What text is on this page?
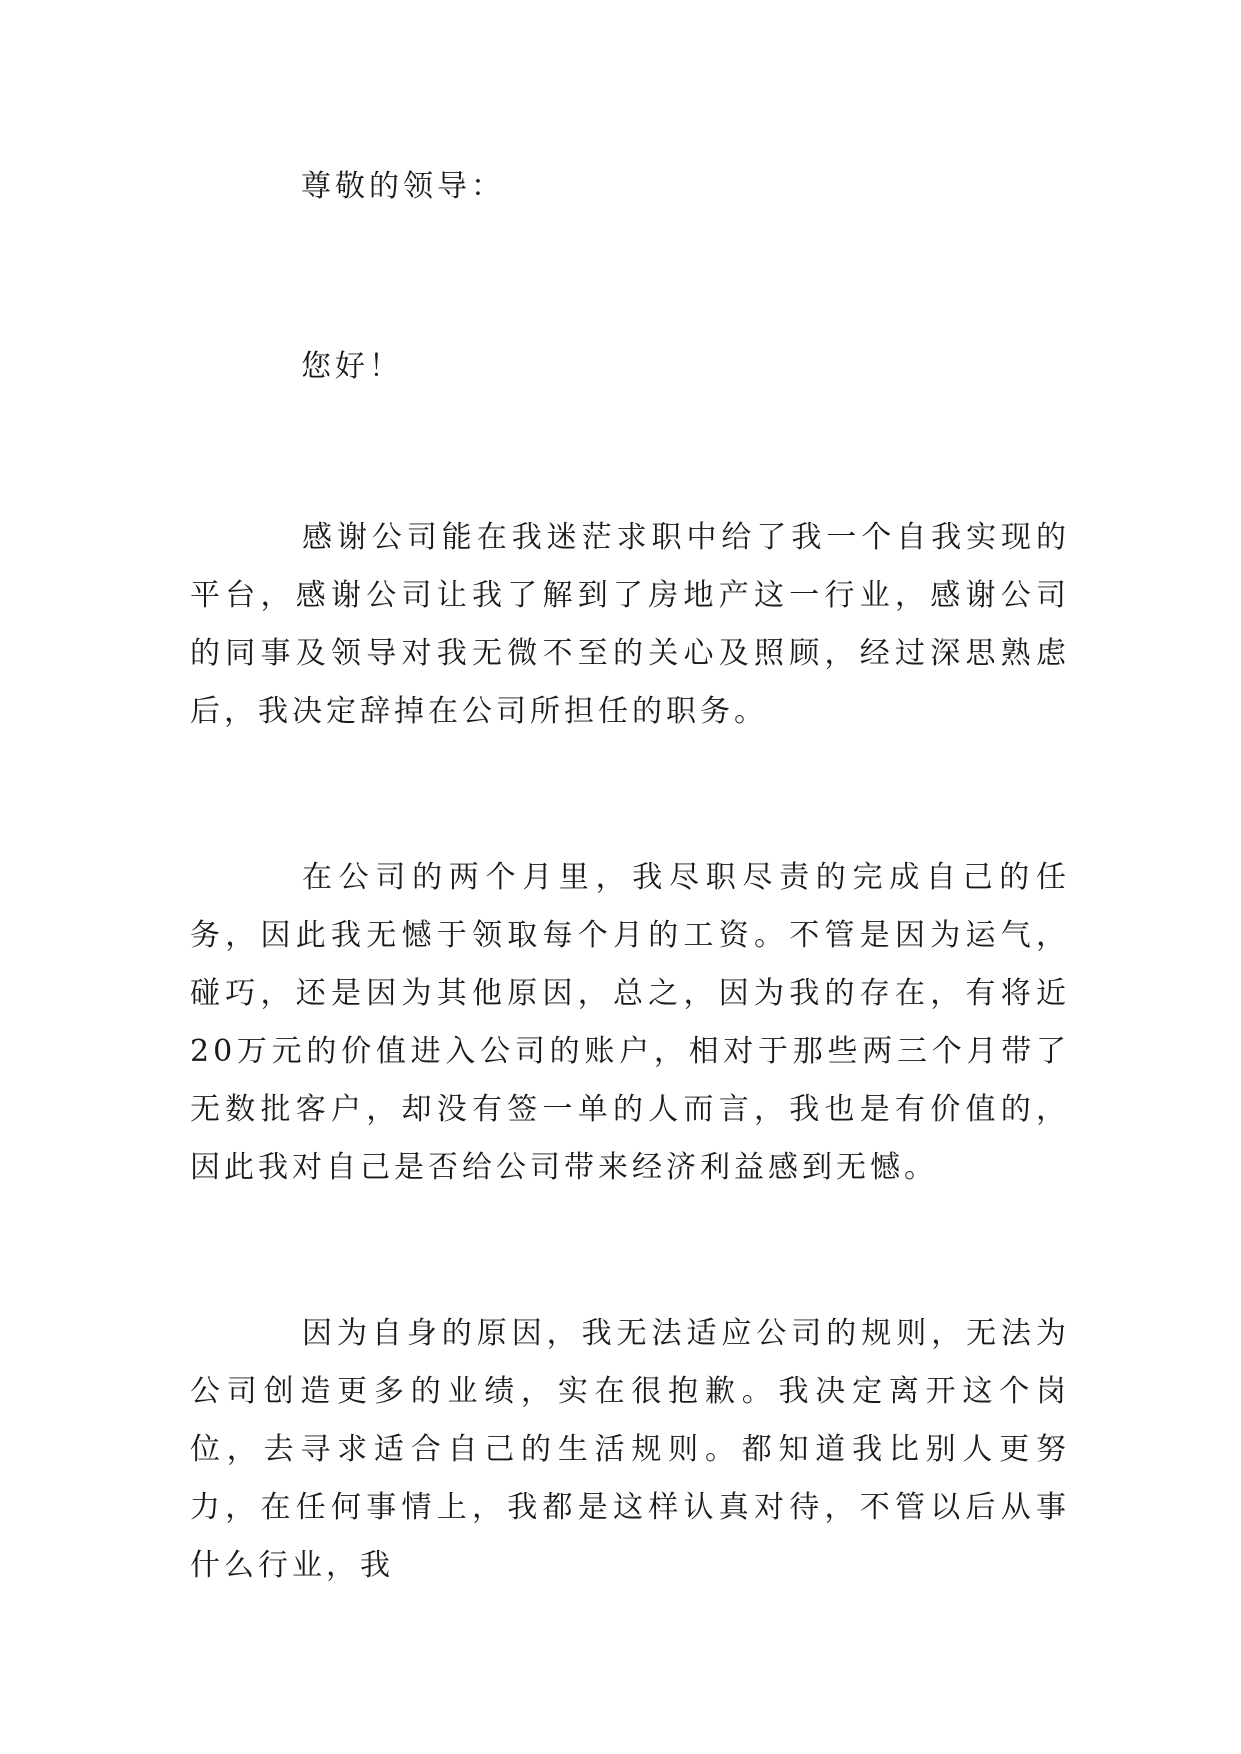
尊敬的领导：

您好！

感谢公司能在我迷茫求职中给了我一个自我实现的平台，感谢公司让我了解到了房地产这一行业，感谢公司的同事及领导对我无微不至的关心及照顾，经过深思熟虑后，我决定辞掉在公司所担任的职务。

在公司的两个月里，我尽职尽责的完成自己的任务，因此我无憾于领取每个月的工资。不管是因为运气，碰巧，还是因为其他原因，总之，因为我的存在，有将近20万元的价值进入公司的账户，相对于那些两三个月带了无数批客户，却没有签一单的人而言，我也是有价值的，因此我对自己是否给公司带来经济利益感到无憾。

因为自身的原因，我无法适应公司的规则，无法为公司创造更多的业绩，实在很抱歉。我决定离开这个岗位，去寻求适合自己的生活规则。都知道我比别人更努力，在任何事情上，我都是这样认真对待，不管以后从事什么行业，我
